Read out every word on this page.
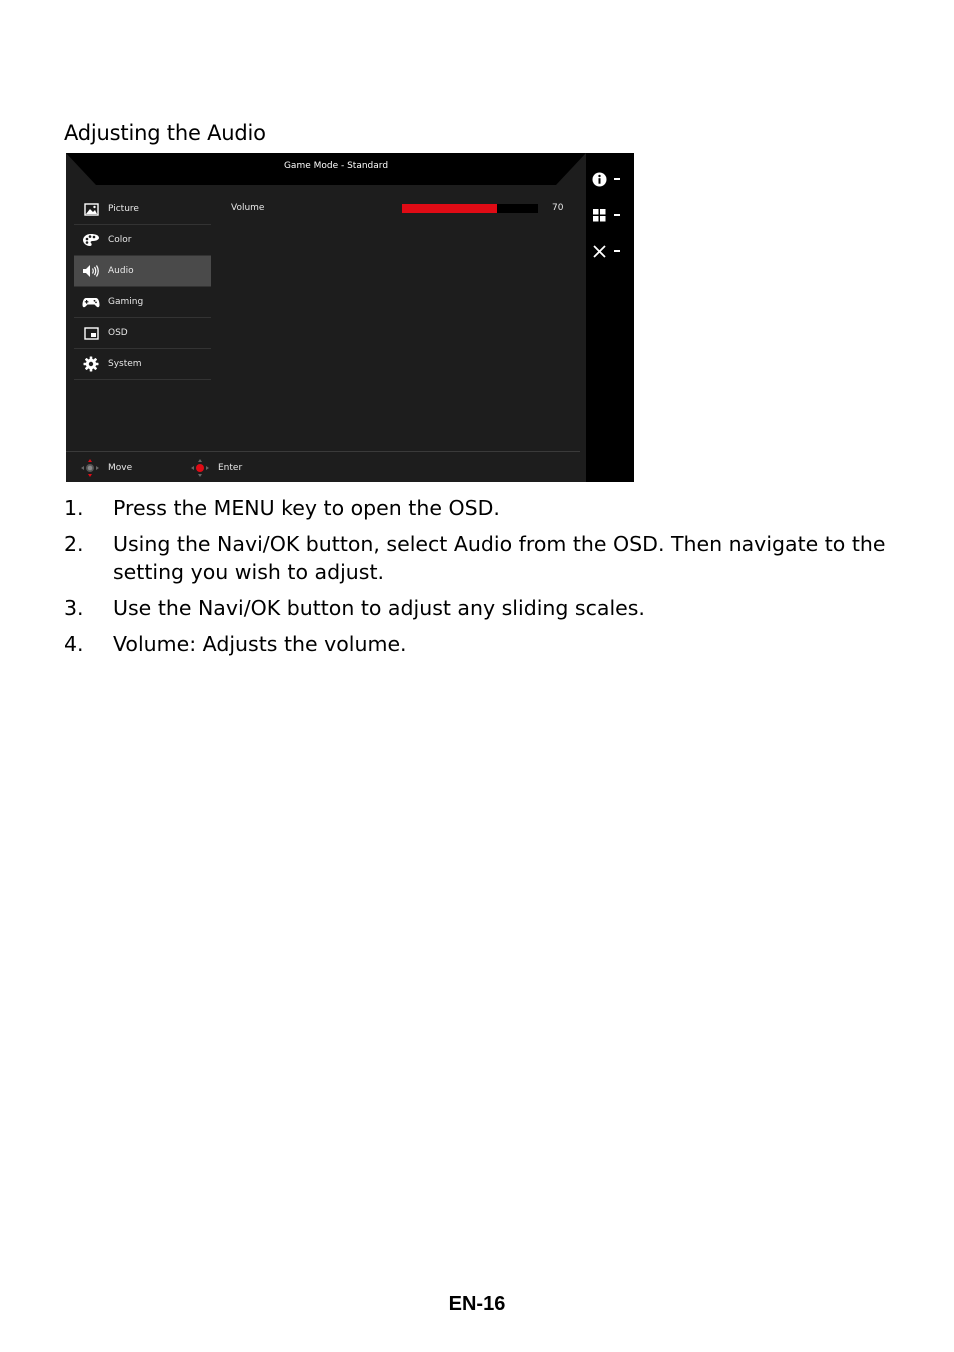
Adjusting the Audio
Game Mode - Standard
Picture
Color
Audio
Gaming
OSD
System
Volume	70
Move	Enter
1. Press the MENU key to open the OSD.
2. Using the Navi/OK button, select Audio from the OSD. Then navigate to the setting you wish to adjust.
3. Use the Navi/OK button to adjust any sliding scales.
4. Volume: Adjusts the volume.
EN-16
